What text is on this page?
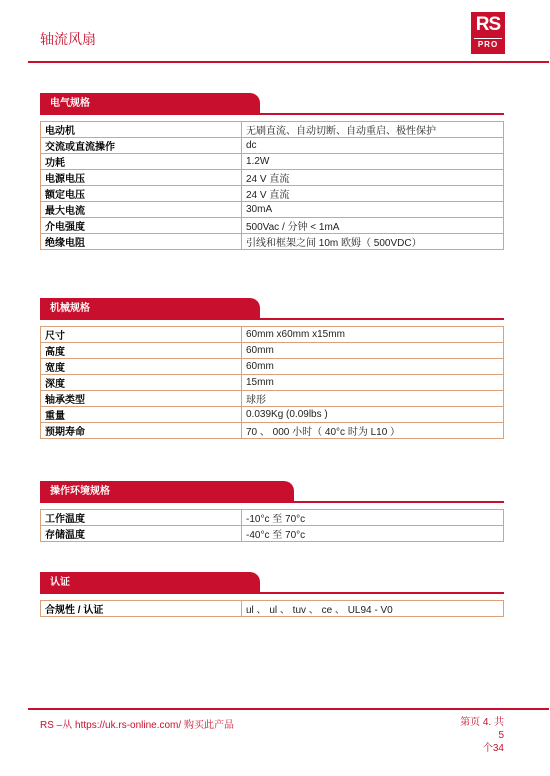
轴流风扇
RS
PRO
电气规格
电动机	无刷直流、自动切断、自动重启、极性保护
交流或直流操作	dc
功耗	1.2W
电源电压	24 V 直流
额定电压	24 V 直流
最大电流	30mA
介电强度	500Vac / 分钟 < 1mA
绝缘电阻	引线和框架之间 10m 欧姆（ 500VDC）
机械规格
尺寸	60mm x60mm x15mm
高度	60mm
宽度	60mm
深度	15mm
轴承类型	球形
重量	0.039Kg (0.09lbs )
预期寿命	70 、 000 小时（ 40°c 时为 L10 ）
操作环境规格
工作温度	-10°c 至 70°c
存储温度	-40°c 至 70°c
认证
合规性 / 认证	ul 、 ul 、 tuv 、 ce 、 UL94 - V0
RS –从 https://uk.rs-online.com/ 购买此产品	第页 4. 共 5
个34
